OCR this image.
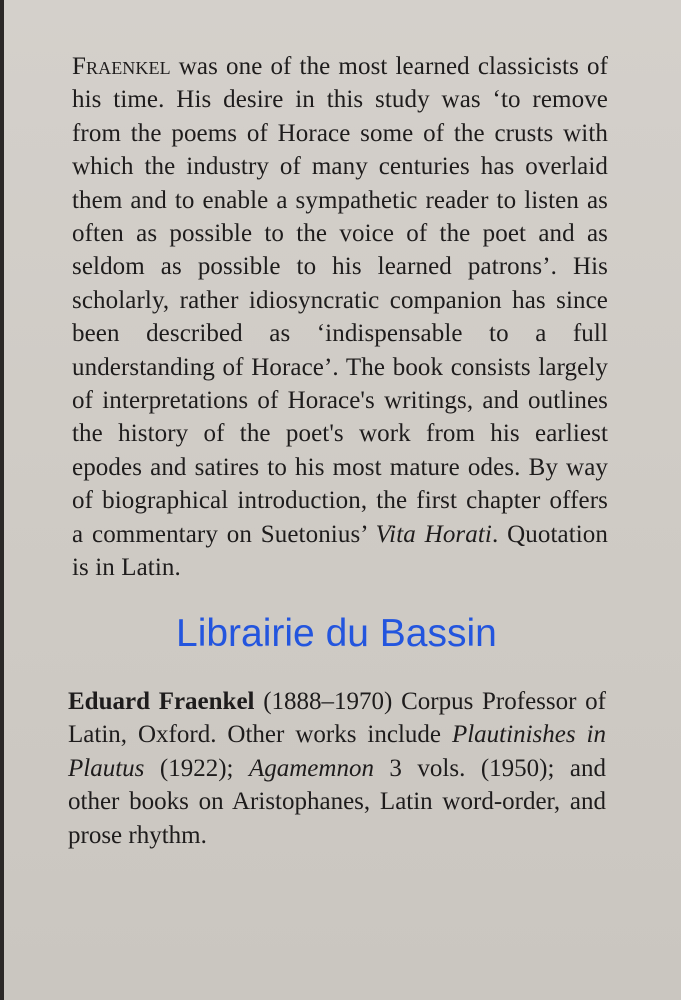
Fraenkel was one of the most learned classicists of his time. His desire in this study was ‘to remove from the poems of Horace some of the crusts with which the industry of many centuries has overlaid them and to enable a sympathetic reader to listen as often as possible to the voice of the poet and as seldom as possible to his learned patrons’. His scholarly, rather idiosyncratic companion has since been described as ‘indispensable to a full understanding of Horace’. The book consists largely of interpretations of Horace's writings, and outlines the history of the poet's work from his earliest epodes and satires to his most mature odes. By way of biographical introduction, the first chapter offers a commentary on Suetonius’ Vita Horati. Quotation is in Latin.

Eduard Fraenkel (1888–1970) Corpus Professor of Latin, Oxford. Other works include Plautinishes in Plautus (1922); Agamemnon 3 vols. (1950); and other books on Aristophanes, Latin word-order, and prose rhythm.

Librairie du Bassin
